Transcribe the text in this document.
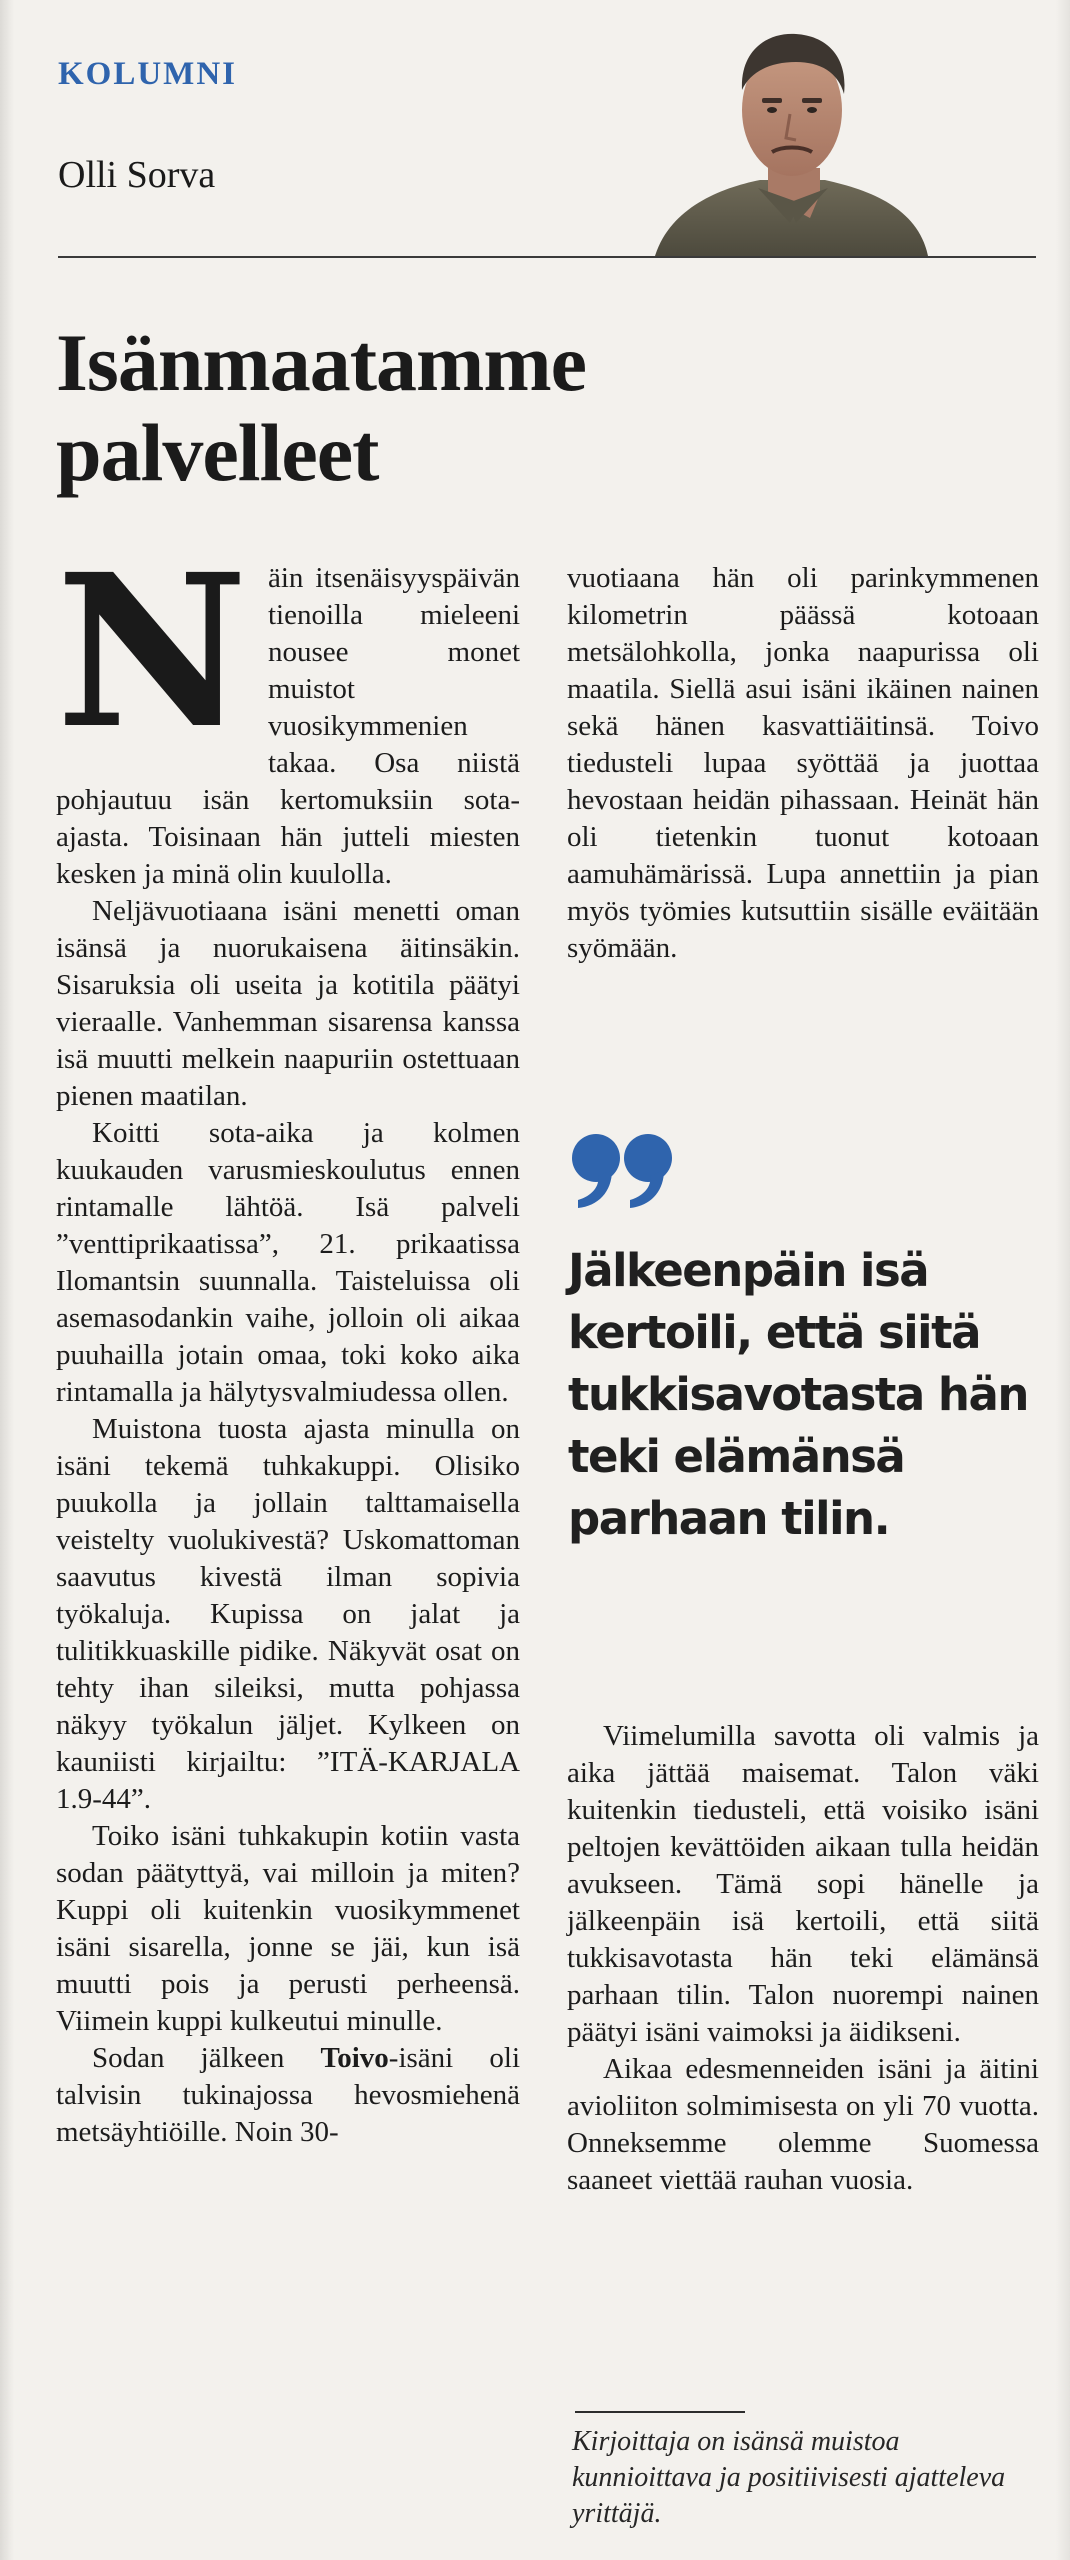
KOLUMNI
Olli Sorva
Isänmaatamme
palvelleet

Näin itsenäisyyspäivän tienoilla mieleeni nousee monet muistot vuosikymmenien takaa. Osa niistä pohjautuu isän kertomuksiin sota-ajasta. Toisinaan hän jutteli miesten kesken ja minä olin kuulolla.

Neljävuotiaana isäni menetti oman isänsä ja nuorukaisena äitinsäkin. Sisaruksia oli useita ja kotitila päätyi vieraalle. Vanhemman sisarensa kanssa isä muutti melkein naapuriin ostettuaan pienen maatilan.

Koitti sota-aika ja kolmen kuukauden varusmieskoulutus ennen rintamalle lähtöä. Isä palveli ”venttiprikaatissa”, 21. prikaatissa Ilomantsin suunnalla. Taisteluissa oli asemasodankin vaihe, jolloin oli aikaa puuhailla jotain omaa, toki koko aika rintamalla ja hälytysvalmiudessa ollen.

Muistona tuosta ajasta minulla on isäni tekemä tuhkakuppi. Olisiko puukolla ja jollain talttamaisella veistelty vuolukivestä? Uskomattoman saavutus kivestä ilman sopivia työkaluja. Kupissa on jalat ja tulitikkuaskille pidike. Näkyvät osat on tehty ihan sileiksi, mutta pohjassa näkyy työkalun jäljet. Kylkeen on kauniisti kirjailtu: ”ITÄ-KARJALA 1.9-44”.

Toiko isäni tuhkakupin kotiin vasta sodan päätyttyä, vai milloin ja miten? Kuppi oli kuitenkin vuosikymmenet isäni sisarella, jonne se jäi, kun isä muutti pois ja perusti perheensä. Viimein kuppi kulkeutui minulle.

Sodan jälkeen Toivo-isäni oli talvisin tukinajossa hevosmiehenä metsäyhtiöille. Noin 30-

vuotiaana hän oli parinkymmenen kilometrin päässä kotoaan metsälohkolla, jonka naapurissa oli maatila. Siellä asui isäni ikäinen nainen sekä hänen kasvattiäitinsä. Toivo tiedusteli lupaa syöttää ja juottaa hevostaan heidän pihassaan. Heinät hän oli tietenkin tuonut kotoaan aamuhämärissä. Lupa annettiin ja pian myös työmies kutsuttiin sisälle eväitään syömään.

Jälkeenpäin isä kertoili, että siitä tukkisavotasta hän teki elämänsä parhaan tilin.

Viimelumilla savotta oli valmis ja aika jättää maisemat. Talon väki kuitenkin tiedusteli, että voisiko isäni peltojen kevättöiden aikaan tulla heidän avukseen. Tämä sopi hänelle ja jälkeenpäin isä kertoili, että siitä tukkisavotasta hän teki elämänsä parhaan tilin. Talon nuorempi nainen päätyi isäni vaimoksi ja äidikseni.

Aikaa edesmenneiden isäni ja äitini avioliiton solmimisesta on yli 70 vuotta. Onneksemme olemme Suomessa saaneet viettää rauhan vuosia.

Kirjoittaja on isänsä muistoa kunnioittava ja positiivisesti ajatteleva yrittäjä.
